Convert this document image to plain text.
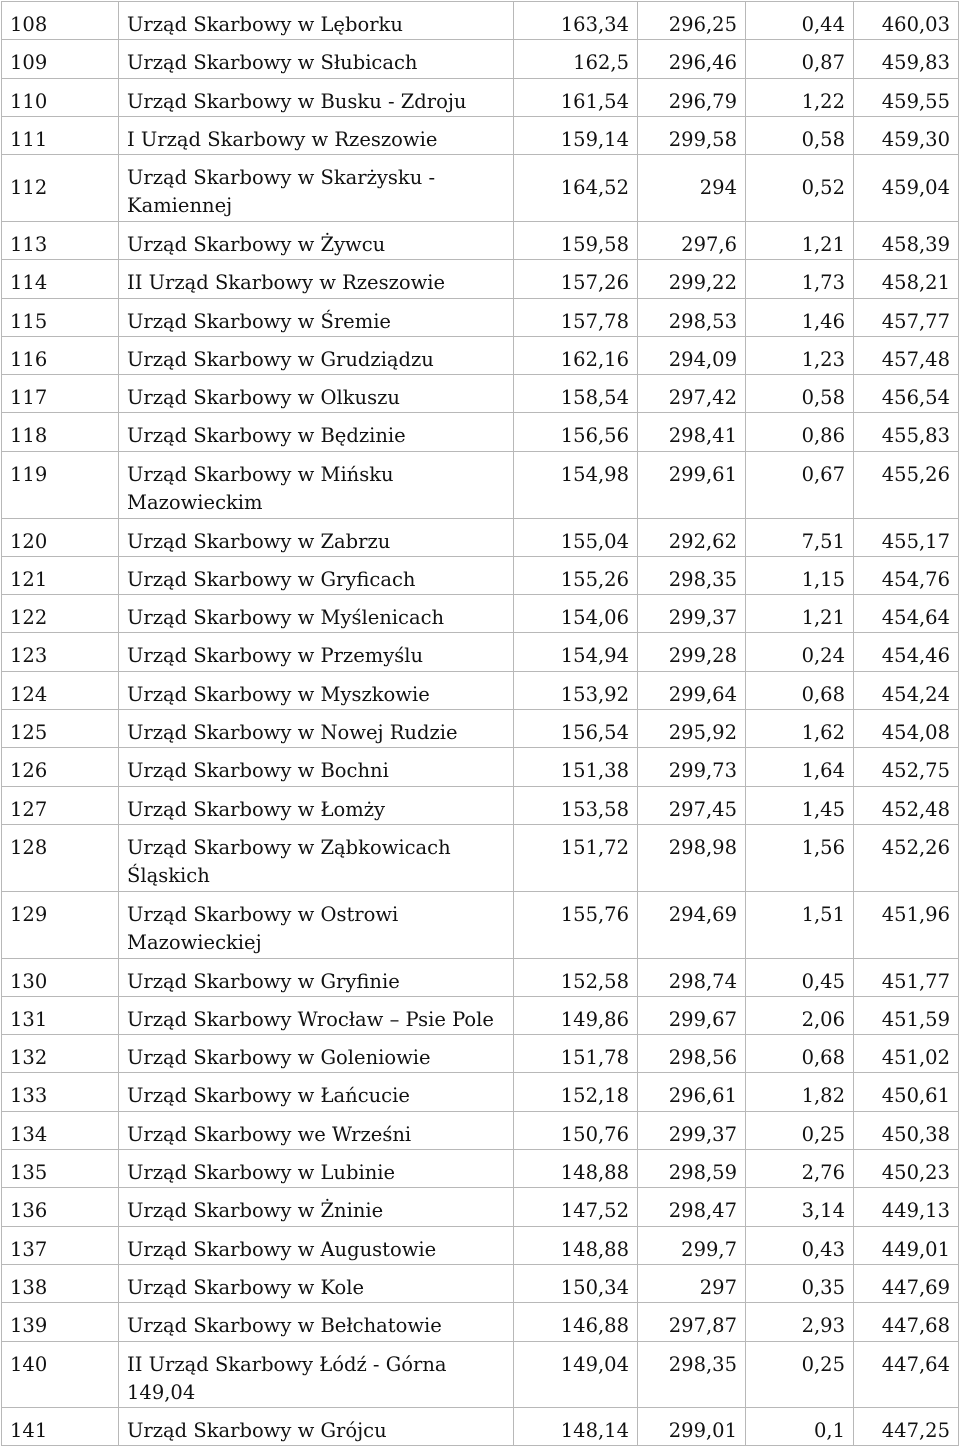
108	Urząd Skarbowy w Lęborku	163,34	296,25	0,44	460,03
109	Urząd Skarbowy w Słubicach	162,5	296,46	0,87	459,83
110	Urząd Skarbowy w Busku - Zdroju	161,54	296,79	1,22	459,55
111	I Urząd Skarbowy w Rzeszowie	159,14	299,58	0,58	459,30
112	Urząd Skarbowy w Skarżysku - Kamiennej	164,52	294	0,52	459,04
113	Urząd Skarbowy w Żywcu	159,58	297,6	1,21	458,39
114	II Urząd Skarbowy w Rzeszowie	157,26	299,22	1,73	458,21
115	Urząd Skarbowy w Śremie	157,78	298,53	1,46	457,77
116	Urząd Skarbowy w Grudziądzu	162,16	294,09	1,23	457,48
117	Urząd Skarbowy w Olkuszu	158,54	297,42	0,58	456,54
118	Urząd Skarbowy w Będzinie	156,56	298,41	0,86	455,83
119	Urząd Skarbowy w Mińsku Mazowieckim	154,98	299,61	0,67	455,26
120	Urząd Skarbowy w Zabrzu	155,04	292,62	7,51	455,17
121	Urząd Skarbowy w Gryficach	155,26	298,35	1,15	454,76
122	Urząd Skarbowy w Myślenicach	154,06	299,37	1,21	454,64
123	Urząd Skarbowy w Przemyślu	154,94	299,28	0,24	454,46
124	Urząd Skarbowy w Myszkowie	153,92	299,64	0,68	454,24
125	Urząd Skarbowy w Nowej Rudzie	156,54	295,92	1,62	454,08
126	Urząd Skarbowy w Bochni	151,38	299,73	1,64	452,75
127	Urząd Skarbowy w Łomży	153,58	297,45	1,45	452,48
128	Urząd Skarbowy w Ząbkowicach Śląskich	151,72	298,98	1,56	452,26
129	Urząd Skarbowy w Ostrowi Mazowieckiej	155,76	294,69	1,51	451,96
130	Urząd Skarbowy w Gryfinie	152,58	298,74	0,45	451,77
131	Urząd Skarbowy Wrocław – Psie Pole	149,86	299,67	2,06	451,59
132	Urząd Skarbowy w Goleniowie	151,78	298,56	0,68	451,02
133	Urząd Skarbowy w Łańcucie	152,18	296,61	1,82	450,61
134	Urząd Skarbowy we Wrześni	150,76	299,37	0,25	450,38
135	Urząd Skarbowy w Lubinie	148,88	298,59	2,76	450,23
136	Urząd Skarbowy w Żninie	147,52	298,47	3,14	449,13
137	Urząd Skarbowy w Augustowie	148,88	299,7	0,43	449,01
138	Urząd Skarbowy w Kole	150,34	297	0,35	447,69
139	Urząd Skarbowy w Bełchatowie	146,88	297,87	2,93	447,68
140	II Urząd Skarbowy Łódź - Górna 149,04	149,04	298,35	0,25	447,64
141	Urząd Skarbowy w Grójcu	148,14	299,01	0,1	447,25
